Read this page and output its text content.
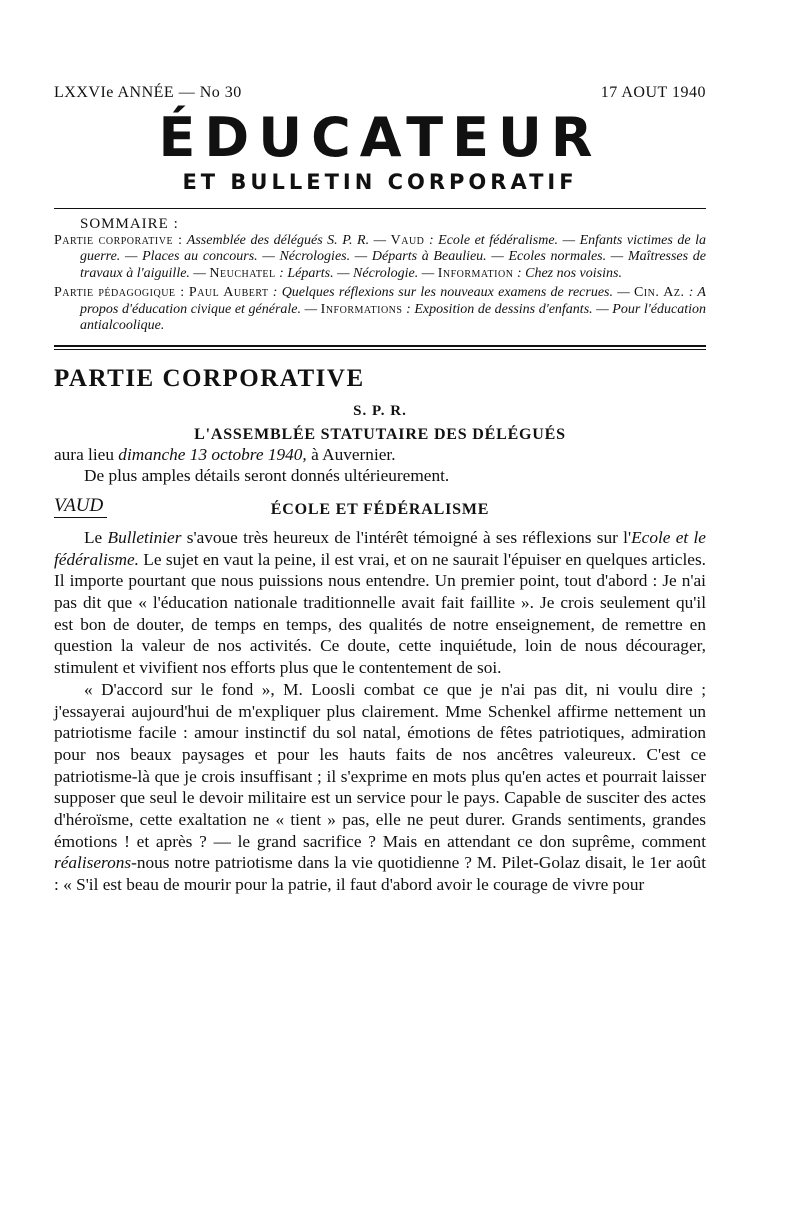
LXXVIe ANNÉE — No 30	17 AOUT 1940
ÉDUCATEUR
ET BULLETIN CORPORATIF
SOMMAIRE :

Partie corporative : Assemblée des délégués S. P. R. — Vaud : Ecole et fédéralisme. — Enfants victimes de la guerre. — Places au concours. — Nécrologies. — Départs à Beaulieu. — Ecoles normales. — Maîtresses de travaux à l'aiguille. — Neuchatel : Léparts. — Nécrologie. — Information : Chez nos voisins.

Partie pédagogique : Paul Aubert : Quelques réflexions sur les nouveaux examens de recrues. — Cin. Az. : A propos d'éducation civique et générale. — Informations : Exposition de dessins d'enfants. — Pour l'éducation antialcoolique.

PARTIE CORPORATIVE
S. P. R.
L'ASSEMBLÉE STATUTAIRE DES DÉLÉGUÉS

aura lieu dimanche 13 octobre 1940, à Auvernier.

De plus amples détails seront donnés ultérieurement.

VAUD	ÉCOLE ET FÉDÉRALISME

Le Bulletinier s'avoue très heureux de l'intérêt témoigné à ses réflexions sur l'Ecole et le fédéralisme. Le sujet en vaut la peine, il est vrai, et on ne saurait l'épuiser en quelques articles. Il importe pourtant que nous puissions nous entendre. Un premier point, tout d'abord : Je n'ai pas dit que « l'éducation nationale traditionnelle avait fait faillite ». Je crois seulement qu'il est bon de douter, de temps en temps, des qualités de notre enseignement, de remettre en question la valeur de nos activités. Ce doute, cette inquiétude, loin de nous décourager, stimulent et vivifient nos efforts plus que le contentement de soi.

« D'accord sur le fond », M. Loosli combat ce que je n'ai pas dit, ni voulu dire ; j'essayerai aujourd'hui de m'expliquer plus clairement. Mme Schenkel affirme nettement un patriotisme facile : amour instinctif du sol natal, émotions de fêtes patriotiques, admiration pour nos beaux paysages et pour les hauts faits de nos ancêtres valeureux. C'est ce patriotisme-là que je crois insuffisant ; il s'exprime en mots plus qu'en actes et pourrait laisser supposer que seul le devoir militaire est un service pour le pays. Capable de susciter des actes d'héroïsme, cette exaltation ne « tient » pas, elle ne peut durer. Grands sentiments, grandes émotions ! et après ? — le grand sacrifice ? Mais en attendant ce don suprême, comment réaliserons-nous notre patriotisme dans la vie quotidienne ? M. Pilet-Golaz disait, le 1er août : « S'il est beau de mourir pour la patrie, il faut d'abord avoir le courage de vivre pour
